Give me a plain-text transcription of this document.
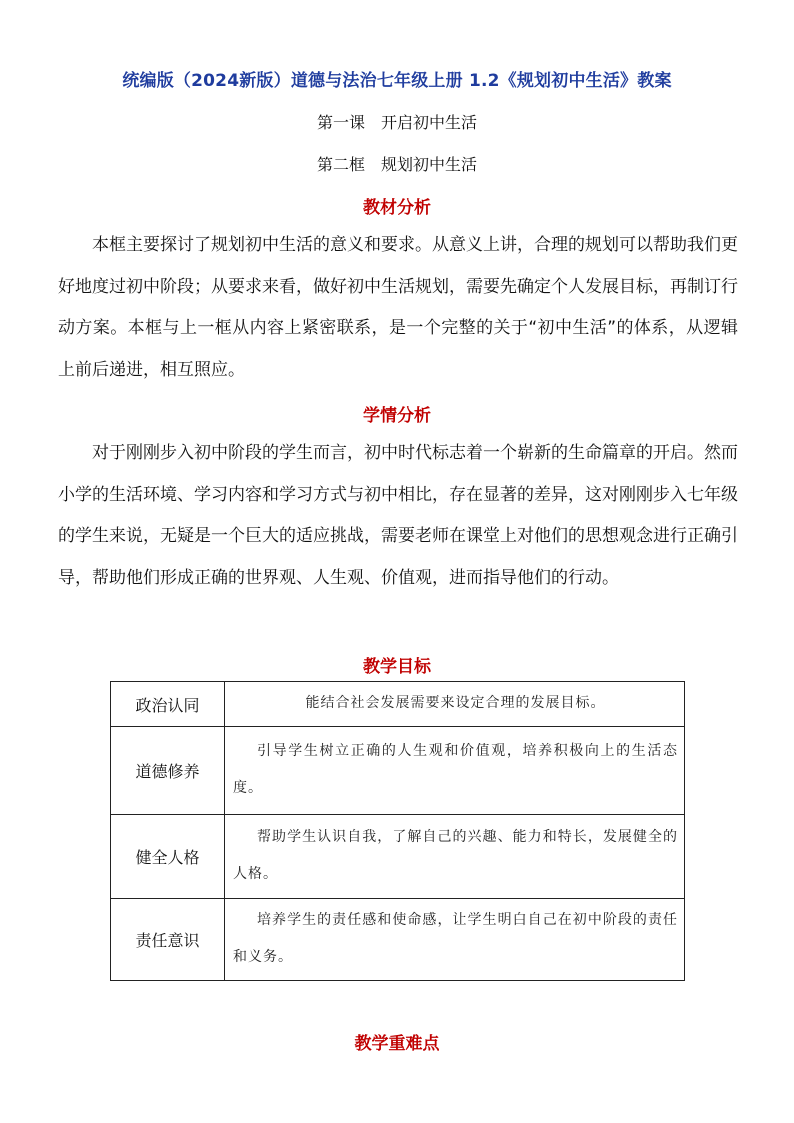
统编版（2024新版）道德与法治七年级上册 1.2《规划初中生活》教案
第一课　开启初中生活
第二框　规划初中生活
教材分析
本框主要探讨了规划初中生活的意义和要求。从意义上讲，合理的规划可以帮助我们更好地度过初中阶段；从要求来看，做好初中生活规划，需要先确定个人发展目标，再制订行动方案。本框与上一框从内容上紧密联系，是一个完整的关于“初中生活”的体系，从逻辑上前后递进，相互照应。
学情分析
对于刚刚步入初中阶段的学生而言，初中时代标志着一个崭新的生命篇章的开启。然而小学的生活环境、学习内容和学习方式与初中相比，存在显著的差异，这对刚刚步入七年级的学生来说，无疑是一个巨大的适应挑战，需要老师在课堂上对他们的思想观念进行正确引导，帮助他们形成正确的世界观、人生观、价值观，进而指导他们的行动。
教学目标
政治认同	能结合社会发展需要来设定合理的发展目标。
道德修养	引导学生树立正确的人生观和价值观，培养积极向上的生活态度。
健全人格	帮助学生认识自我，了解自己的兴趣、能力和特长，发展健全的人格。
责任意识	培养学生的责任感和使命感，让学生明白自己在初中阶段的责任和义务。
教学重难点
